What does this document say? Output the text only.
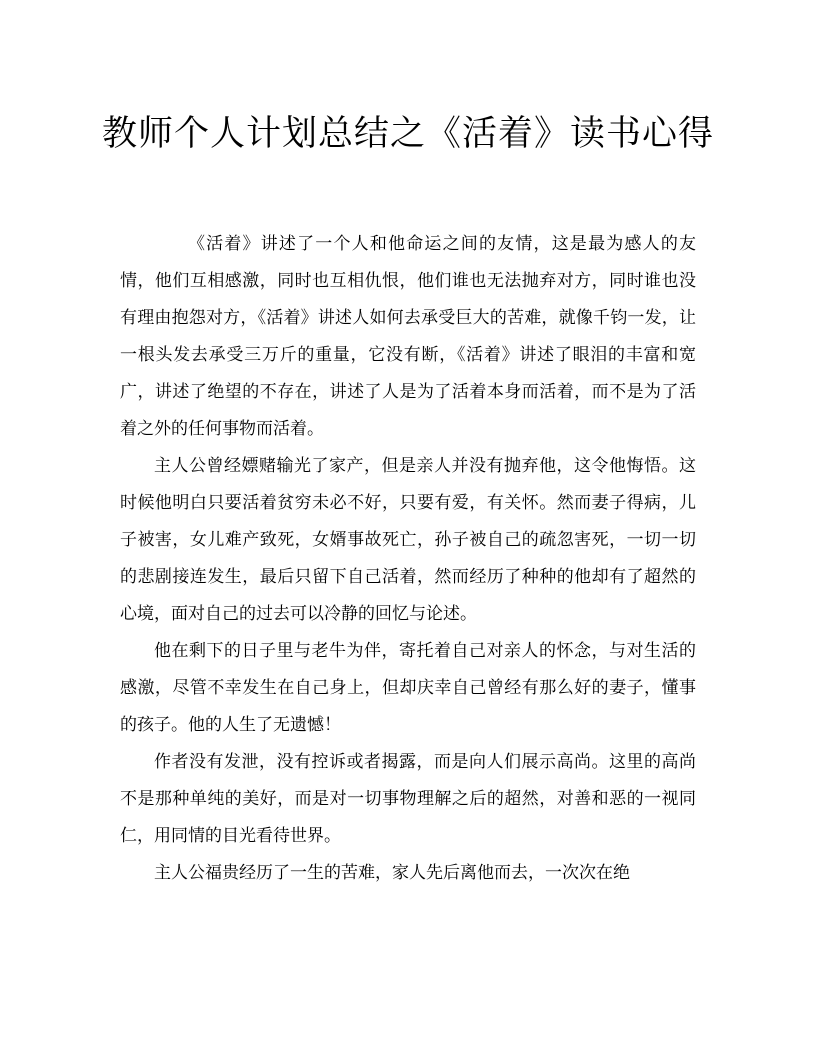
教师个人计划总结之《活着》读书心得

《活着》讲述了一个人和他命运之间的友情，这是最为感人的友情，他们互相感激，同时也互相仇恨，他们谁也无法抛弃对方，同时谁也没有理由抱怨对方，《活着》讲述人如何去承受巨大的苦难，就像千钧一发，让一根头发去承受三万斤的重量，它没有断，《活着》讲述了眼泪的丰富和宽广，讲述了绝望的不存在，讲述了人是为了活着本身而活着，而不是为了活着之外的任何事物而活着。

主人公曾经嫖赌输光了家产，但是亲人并没有抛弃他，这令他悔悟。这时候他明白只要活着贫穷未必不好，只要有爱，有关怀。然而妻子得病，儿子被害，女儿难产致死，女婿事故死亡，孙子被自己的疏忽害死，一切一切的悲剧接连发生，最后只留下自己活着，然而经历了种种的他却有了超然的心境，面对自己的过去可以冷静的回忆与论述。

他在剩下的日子里与老牛为伴，寄托着自己对亲人的怀念，与对生活的感激，尽管不幸发生在自己身上，但却庆幸自己曾经有那么好的妻子，懂事的孩子。他的人生了无遗憾！

作者没有发泄，没有控诉或者揭露，而是向人们展示高尚。这里的高尚不是那种单纯的美好，而是对一切事物理解之后的超然，对善和恶的一视同仁，用同情的目光看待世界。

主人公福贵经历了一生的苦难，家人先后离他而去，一次次在绝
